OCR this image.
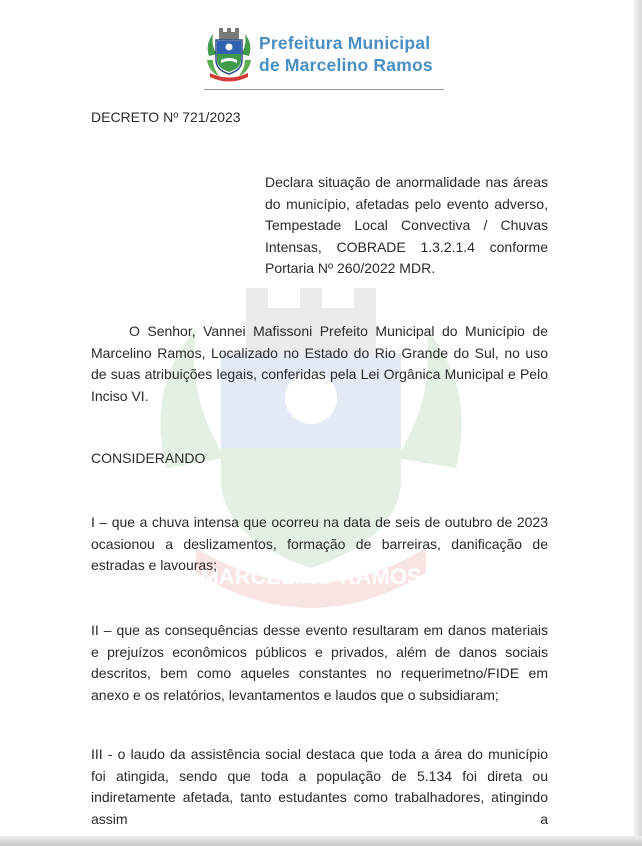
Prefeitura Municipal
de Marcelino Ramos
MARCELINO RAMOS
DECRETO Nº 721/2023
Declara situação de anormalidade nas áreas do município, afetadas pelo evento adverso, Tempestade Local Convectiva / Chuvas Intensas, COBRADE 1.3.2.1.4 conforme Portaria Nº 260/2022 MDR.
O Senhor, Vannei Mafissoni Prefeito Municipal do Município de Marcelino Ramos, Localizado no Estado do Rio Grande do Sul, no uso de suas atribuições legais, conferidas pela Lei Orgânica Municipal e Pelo Inciso VI.
CONSIDERANDO
I – que a chuva intensa que ocorreu na data de seis de outubro de 2023 ocasionou a deslizamentos, formação de barreiras, danificação de estradas e lavouras;
II – que as consequências desse evento resultaram em danos materiais e prejuízos econômicos públicos e privados, além de danos sociais descritos, bem como aqueles constantes no requerimetno/FIDE em anexo e os relatórios, levantamentos e laudos que o subsidiaram;
III - o laudo da assistência social destaca que toda a área do município foi atingida, sendo que toda a população de 5.134 foi direta ou indiretamente afetada, tanto estudantes como trabalhadores, atingindo assim a
